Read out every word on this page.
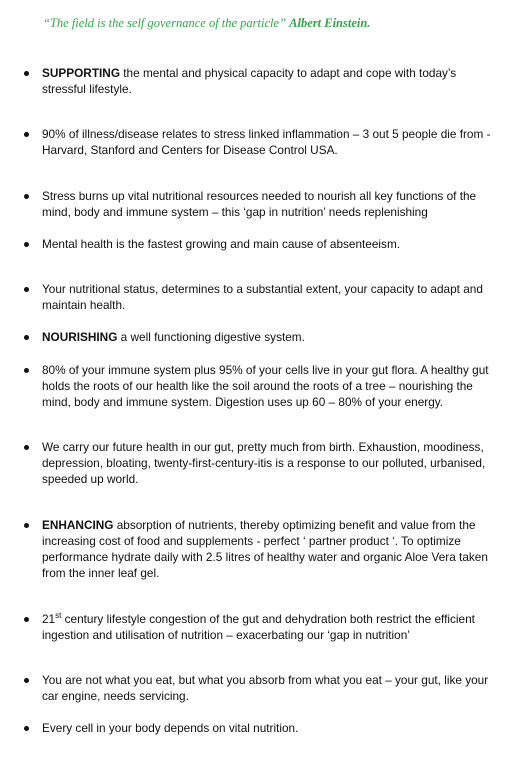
“The field is the self governance of the particle” Albert Einstein.
SUPPORTING the mental and physical capacity to adapt and cope with today’s stressful lifestyle.
90% of illness/disease relates to stress linked inflammation – 3 out 5 people die from - Harvard, Stanford and Centers for Disease Control USA.
Stress burns up vital nutritional resources needed to nourish all key functions of the mind, body and immune system – this ‘gap in nutrition’ needs replenishing
Mental health is the fastest growing and main cause of absenteeism.
Your nutritional status, determines to a substantial extent, your capacity to adapt and maintain health.
NOURISHING a well functioning digestive system.
80% of your immune system plus 95% of your cells live in your gut flora. A healthy gut holds the roots of our health like the soil around the roots of a tree – nourishing the mind, body and immune system. Digestion uses up 60 – 80% of your energy.
We carry our future health in our gut, pretty much from birth. Exhaustion, moodiness, depression, bloating, twenty-first-century-itis is a response to our polluted, urbanised, speeded up world.
ENHANCING absorption of nutrients, thereby optimizing benefit and value from the increasing cost of food and supplements - perfect ‘ partner product ‘. To optimize performance hydrate daily with 2.5 litres of healthy water and organic Aloe Vera taken from the inner leaf gel.
21st century lifestyle congestion of the gut and dehydration both restrict the efficient ingestion and utilisation of nutrition – exacerbating our ‘gap in nutrition’
You are not what you eat, but what you absorb from what you eat – your gut, like your car engine, needs servicing.
Every cell in your body depends on vital nutrition.
